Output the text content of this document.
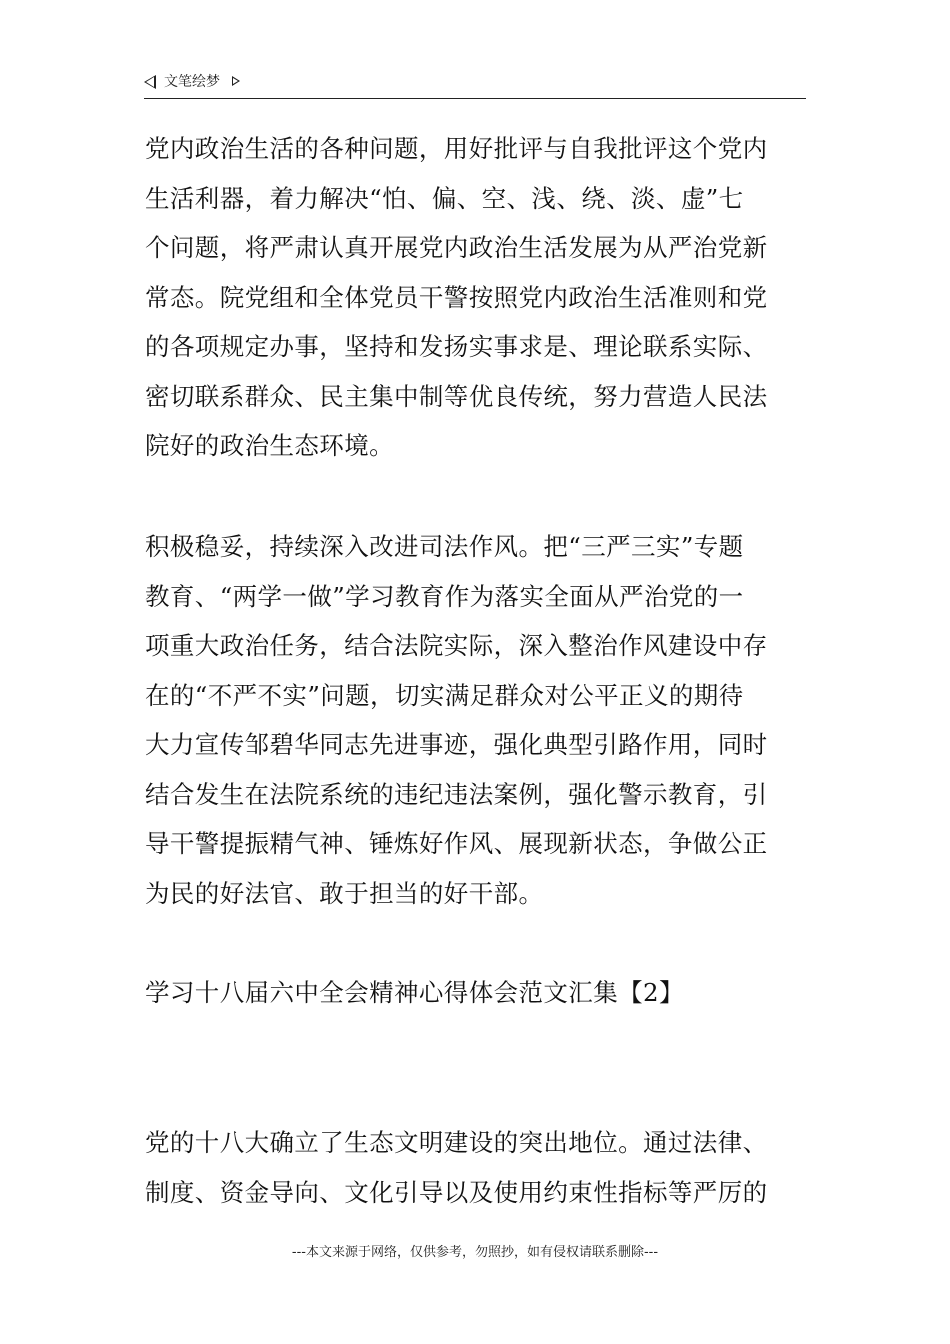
文笔绘梦
党内政治生活的各种问题，用好批评与自我批评这个党内
生活利器，着力解决“怕、偏、空、浅、绕、淡、虚”七
个问题，将严肃认真开展党内政治生活发展为从严治党新
常态。院党组和全体党员干警按照党内政治生活准则和党
的各项规定办事，坚持和发扬实事求是、理论联系实际、
密切联系群众、民主集中制等优良传统，努力营造人民法
院好的政治生态环境。
积极稳妥，持续深入改进司法作风。把“三严三实”专题
教育、“两学一做”学习教育作为落实全面从严治党的一
项重大政治任务，结合法院实际，深入整治作风建设中存
在的“不严不实”问题，切实满足群众对公平正义的期待
大力宣传邹碧华同志先进事迹，强化典型引路作用，同时
结合发生在法院系统的违纪违法案例，强化警示教育，引
导干警提振精气神、锤炼好作风、展现新状态，争做公正
为民的好法官、敢于担当的好干部。
学习十八届六中全会精神心得体会范文汇集【2】
党的十八大确立了生态文明建设的突出地位。通过法律、
制度、资金导向、文化引导以及使用约束性指标等严厉的
---本文来源于网络，仅供参考，勿照抄，如有侵权请联系删除---
